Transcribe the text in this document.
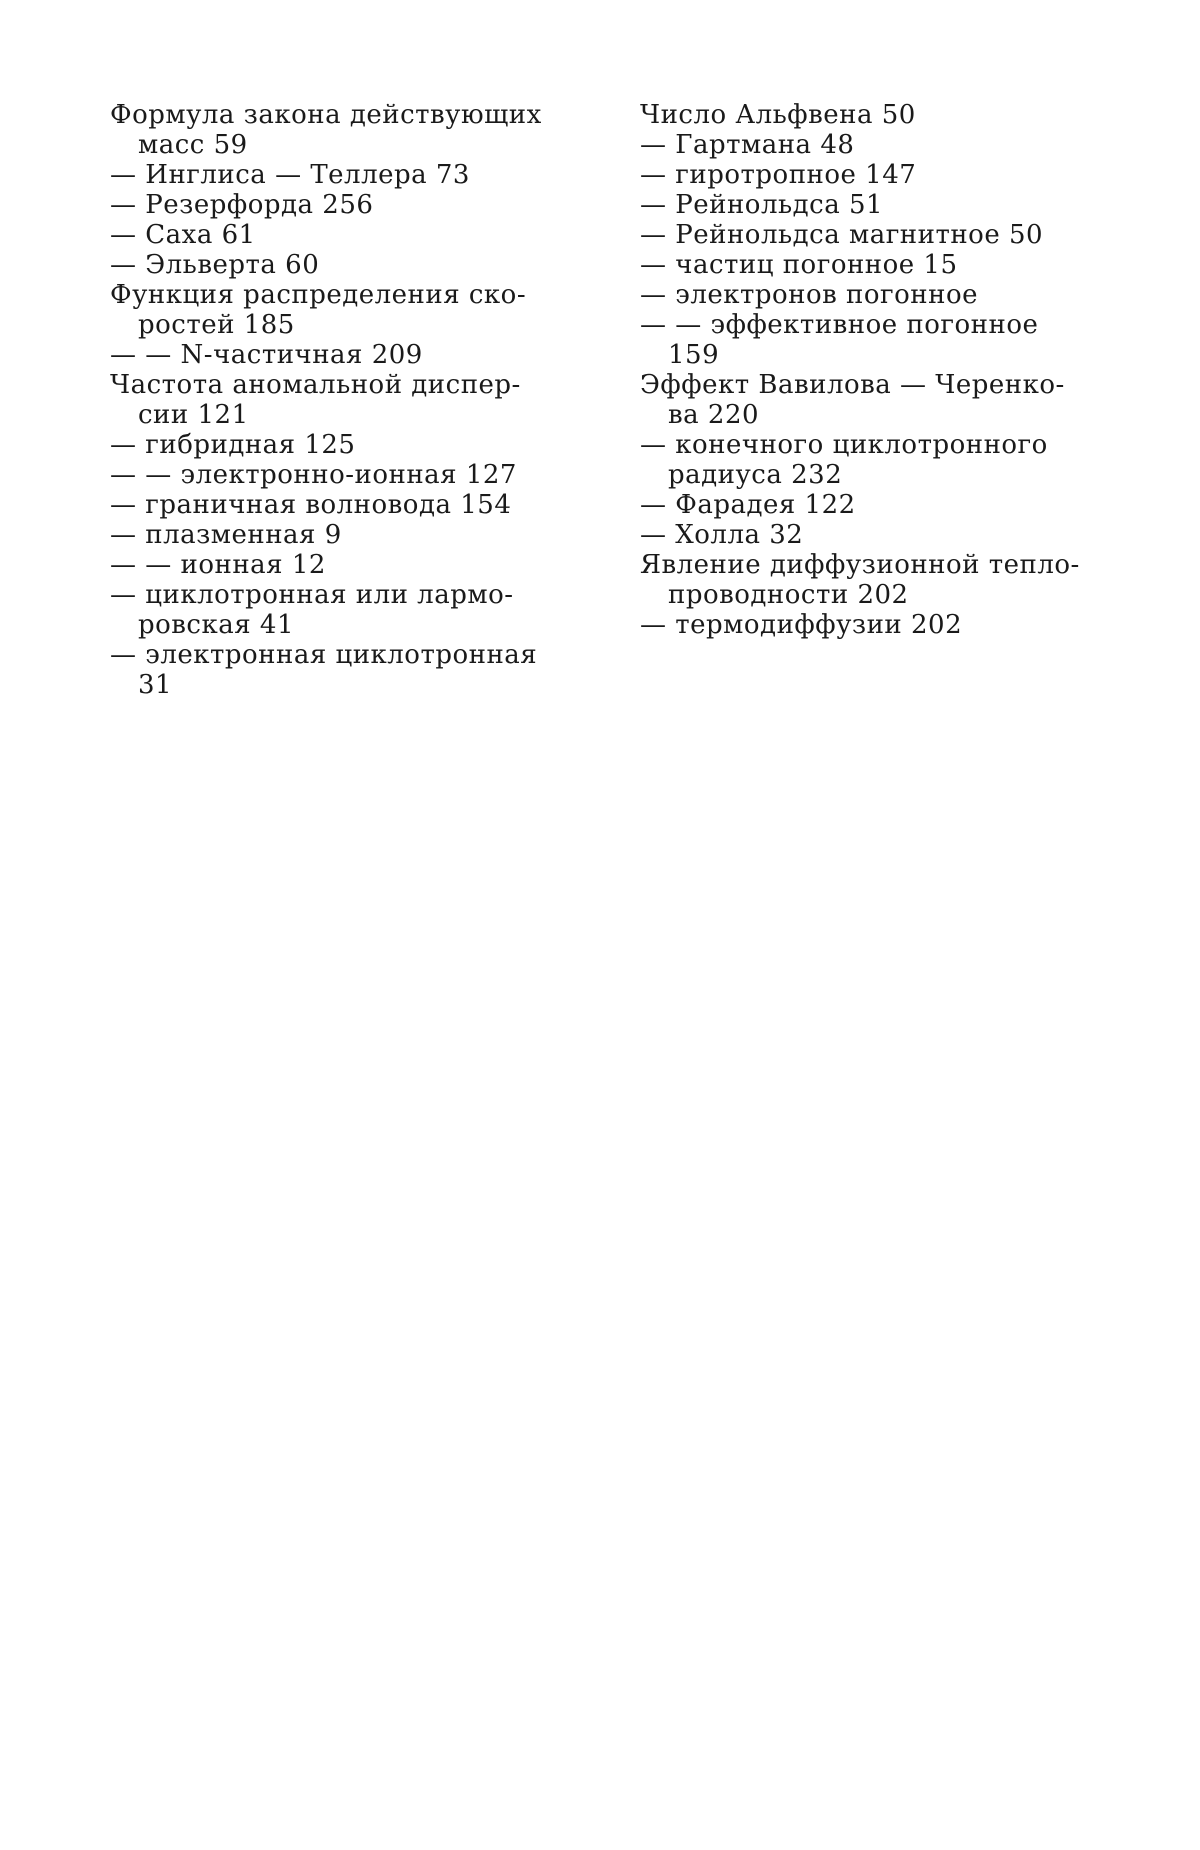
Формула закона действующих
масс 59
— Инглиса — Теллера 73
— Резерфорда 256
— Саха 61
— Эльверта 60
Функция распределения ско-
ростей 185
— — N-частичная 209
Частота аномальной диспер-
сии 121
— гибридная 125
— — электронно-ионная 127
— граничная волновода 154
— плазменная 9
— — ионная 12
— циклотронная или лармо-
ровская 41
— электронная циклотронная
31
Число Альфвена 50
— Гартмана 48
— гиротропное 147
— Рейнольдса 51
— Рейнольдса магнитное 50
— частиц погонное 15
— электронов погонное
— — эффективное погонное
159
Эффект Вавилова — Черенко-
ва 220
— конечного циклотронного
радиуса 232
— Фарадея 122
— Холла 32
Явление диффузионной тепло-
проводности 202
— термодиффузии 202
